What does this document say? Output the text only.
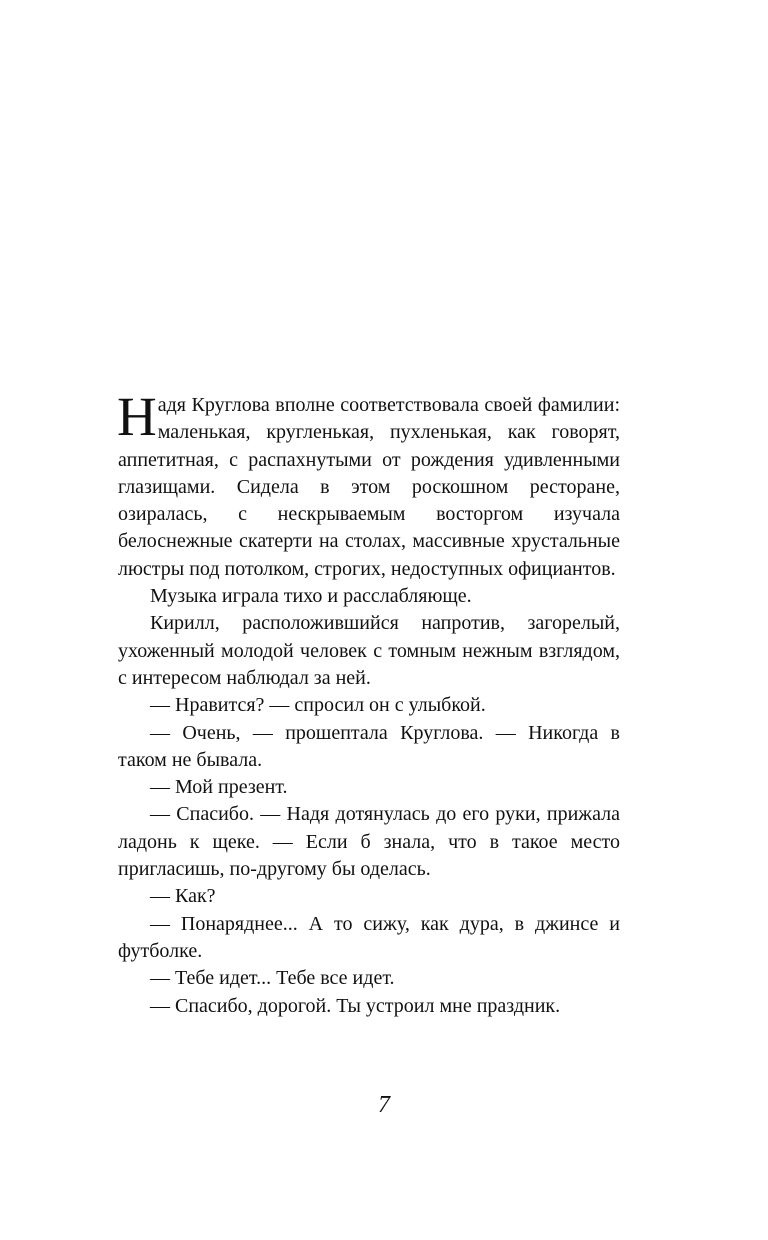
Надя Круглова вполне соответствовала своей фамилии: маленькая, кругленькая, пухленькая, как говорят, аппетитная, с распахнутыми от рождения удивленными глазищами. Сидела в этом роскошном ресторане, озиралась, с нескрываемым восторгом изучала белоснежные скатерти на столах, массивные хрустальные люстры под потолком, строгих, недоступных официантов.

Музыка играла тихо и расслабляюще.

Кирилл, расположившийся напротив, загорелый, ухоженный молодой человек с томным нежным взглядом, с интересом наблюдал за ней.

— Нравится? — спросил он с улыбкой.

— Очень, — прошептала Круглова. — Никогда в таком не бывала.

— Мой презент.

— Спасибо. — Надя дотянулась до его руки, прижала ладонь к щеке. — Если б знала, что в такое место пригласишь, по-другому бы оделась.

— Как?

— Понаряднее... А то сижу, как дура, в джинсе и футболке.

— Тебе идет... Тебе все идет.

— Спасибо, дорогой. Ты устроил мне праздник.

7
